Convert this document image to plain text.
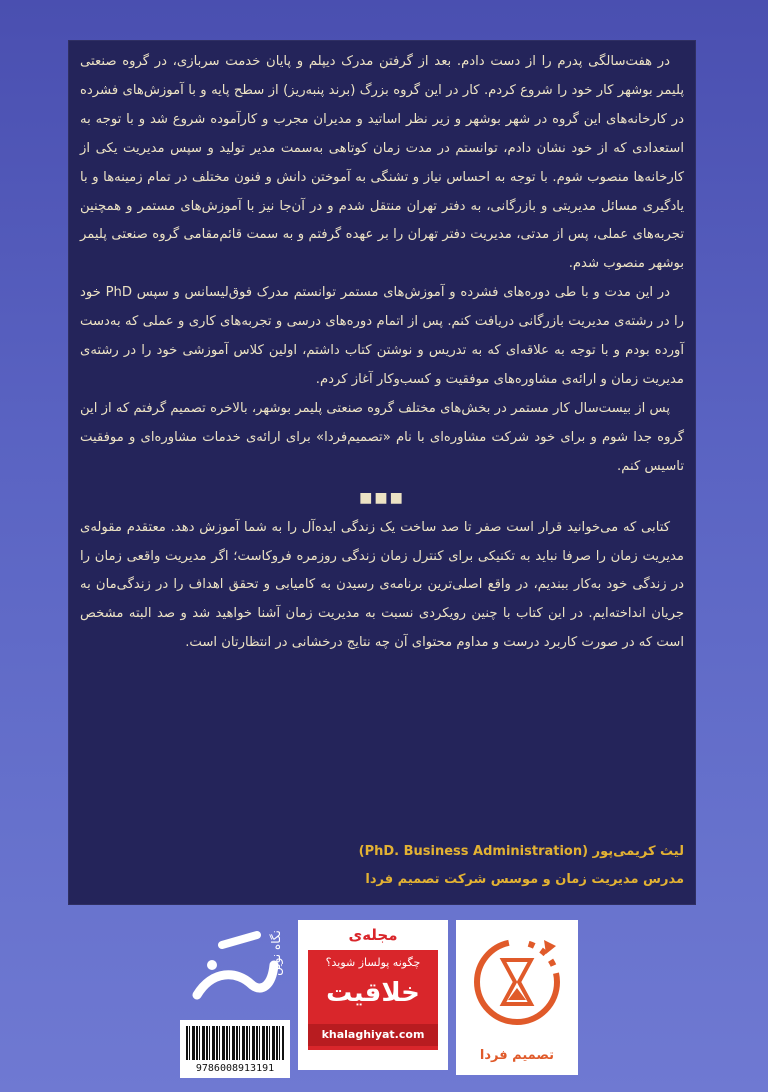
در هفت‌سالگی پدرم را از دست دادم. بعد از گرفتن مدرک دیپلم و پایان خدمت سربازی، در گروه صنعتی پلیمر بوشهر کار خود را شروع کردم. کار در این گروه بزرگ (برند پنبه‌ریز) از سطح پایه و با آموزش‌های فشرده در کارخانه‌های این گروه در شهر بوشهر و زیر نظر اساتید و مدیران مجرب و کارآموده شروع شد و با توجه به استعدادی که از خود نشان دادم، توانستم در مدت زمان کوتاهی به‌سمت مدیر تولید و سپس مدیریت یکی از کارخانه‌ها منصوب شوم. با توجه به احساس نیاز و تشنگی به آموختن دانش و فنون مختلف در تمام زمینه‌ها و با یادگیری مسائل مدیریتی و بازرگانی، به دفتر تهران منتقل شدم و در آن‌جا نیز با آموزش‌های مستمر و همچنین تجربه‌های عملی، پس از مدتی، مدیریت دفتر تهران را بر عهده گرفتم و به سمت قائم‌مقامی گروه صنعتی پلیمر بوشهر منصوب شدم.

در این مدت و با طی دوره‌های فشرده و آموزش‌های مستمر توانستم مدرک فوق‌لیسانس و سپس PhD خود را در رشته‌ی مدیریت بازرگانی دریافت کنم. پس از اتمام دوره‌های درسی و تجربه‌های کاری و عملی که به‌دست آورده بودم و با توجه به علاقه‌ای که به تدریس و نوشتن کتاب داشتم، اولین کلاس آموزشی خود را در رشته‌ی مدیریت زمان و ارائه‌ی مشاوره‌های موفقیت و کسب‌وکار آغاز کردم.

پس از بیست‌سال کار مستمر در بخش‌های مختلف گروه صنعتی پلیمر بوشهر، بالاخره تصمیم گرفتم که از این گروه جدا شوم و برای خود شرکت مشاوره‌ای با نام «تصمیم‌فردا» برای ارائه‌ی خدمات مشاوره‌ای و موفقیت تاسیس کنم.

■■■

کتابی که می‌خوانید قرار است صفر تا صد ساخت یک زندگی ایده‌آل را به شما آموزش دهد. معتقدم مقوله‌ی مدیریت زمان را صرفا نباید به تکنیکی برای کنترل زمان زندگی روزمره فروکاست؛ اگر مدیریت واقعی زمان را در زندگی خود به‌کار ببندیم، در واقع اصلی‌ترین برنامه‌ی رسیدن به کامیابی و تحقق اهداف را در زندگی‌مان به جریان انداخته‌ایم. در این کتاب با چنین رویکردی نسبت به مدیریت زمان آشنا خواهید شد و صد البته مشخص است که در صورت کاربرد درست و مداوم محتوای آن چه نتایج درخشانی در انتظارتان است.

لیث کریمی‌پور (PhD. Business Administration)
مدرس مدیریت زمان و موسس شرکت تصمیم فردا
تصمیم فردا
مجله‌ی
چگونه پولساز شوید؟
خلاقیت
khalaghiyat.com
نگاه نوین
9786008913191
